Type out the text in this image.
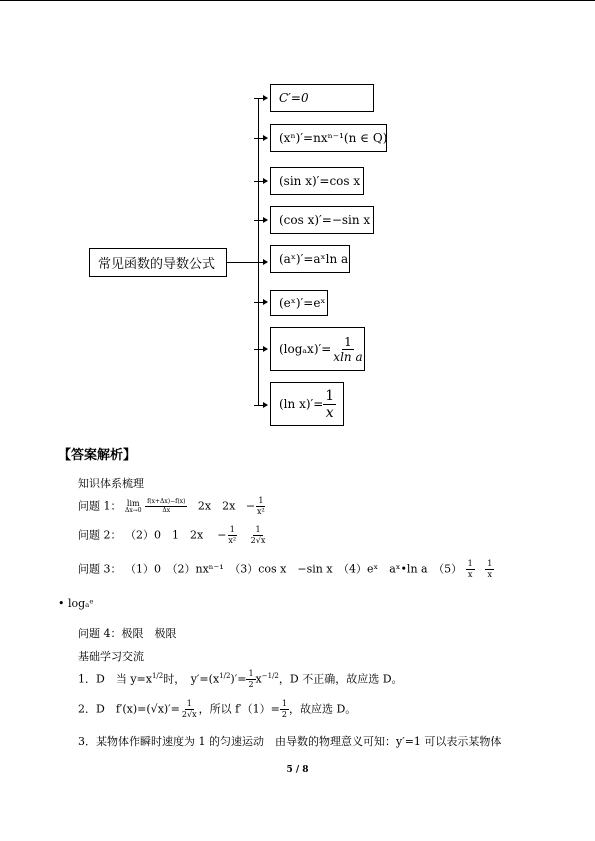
常见函数的导数公式
C′=0
(xⁿ)′=nxⁿ⁻¹(n ∈ Q)
(sin x)′=cos x
(cos x)′=−sin x
(aˣ)′=aˣln a
(eˣ)′=eˣ
$(\log_ax)'= \frac{1}{\text{xln a}}$
(ln $x)'= \frac{1}{x}$
【答案解析】
知识体系梳理
问题 1： lim
Δx→0
$\frac{f(x+\Delta x)-f(x)}{\Delta x} 2x$　$2x - \frac{1}{\text{x²}}$
问题 2： （2）0　1　$2x - \frac{1}{\text{x²}}$
$\frac{1}{2√x}$
问题 3： （1）0　（2）nxⁿ⁻¹　（3）cos x　−sin x　（4）eˣ　aˣ•ln a　$(5) \frac{1}{x}$
$\frac{1}{x}$
• logₐᵉ
问题 4：极限　极限
基础学习交流
1．D　当 $y=x^{1/2}$时，　$y'=(x^{1/2})'= \frac{1}{2} x^{-1/2}$，D 不正确，故应选 D。
2．D　$f'(x)=(√x)'= \frac{1}{2√x}$ ，所以 $f'(1)= \frac{1}{2}$ ，故应选 D。
3．某物体作瞬时速度为 1 的匀速运动　由导数的物理意义可知：y′=1 可以表示某物体
5 / 8
